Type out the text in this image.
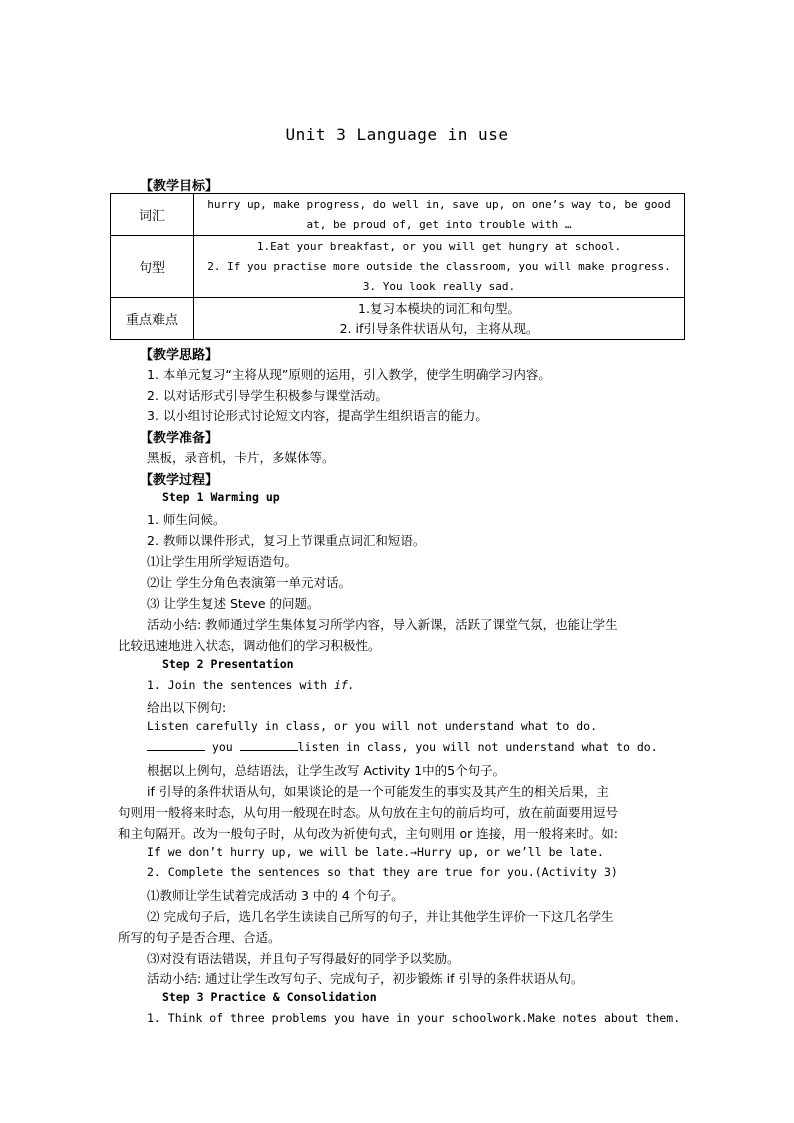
Unit 3 Language in use
【教学目标】
词汇	hurry up, make progress, do well in, save up, on one’s way to, be good
at, be proud of, get into trouble with …

句型	1.Eat your breakfast, or you will get hungry at school.
2. If you practise more outside the classroom, you will make progress.
3. You look really sad.

重点难点	1.复习本模块的词汇和句型。
2. if引导条件状语从句，主将从现。
【教学思路】
1. 本单元复习“主将从现”原则的运用，引入教学，使学生明确学习内容。
2. 以对话形式引导学生积极参与课堂活动。
3. 以小组讨论形式讨论短文内容，提高学生组织语言的能力。
【教学准备】
黑板，录音机，卡片，多媒体等。
【教学过程】
Step 1 Warming up
1. 师生问候。
2. 教师以课件形式，复习上节课重点词汇和短语。
⑴让学生用所学短语造句。
⑵让 学生分角色表演第一单元对话。
⑶ 让学生复述 Steve 的问题。
活动小结: 教师通过学生集体复习所学内容，导入新课，活跃了课堂气氛，也能让学生
比较迅速地进入状态，调动他们的学习积极性。
Step 2 Presentation
1. Join the sentences with if.
给出以下例句:
Listen carefully in class, or you will not understand what to do.
you	listen in class, you will not understand what to do.
根据以上例句，总结语法，让学生改写 Activity 1中的5个句子。
if 引导的条件状语从句，如果谈论的是一个可能发生的事实及其产生的相关后果，主
句则用一般将来时态，从句用一般现在时态。从句放在主句的前后均可，放在前面要用逗号
和主句隔开。改为一般句子时，从句改为祈使句式，主句则用 or 连接，用一般将来时。如:
If we don’t hurry up, we will be late.→Hurry up, or we’ll be late.
2. Complete the sentences so that they are true for you.(Activity 3)
⑴教师让学生试着完成活动 3 中的 4 个句子。
⑵ 完成句子后，选几名学生读读自己所写的句子，并让其他学生评价一下这几名学生
所写的句子是否合理、合适。
⑶对没有语法错误，并且句子写得最好的同学予以奖励。
活动小结: 通过让学生改写句子、完成句子，初步锻炼 if 引导的条件状语从句。
Step 3 Practice & Consolidation
1. Think of three problems you have in your schoolwork.Make notes about them.
